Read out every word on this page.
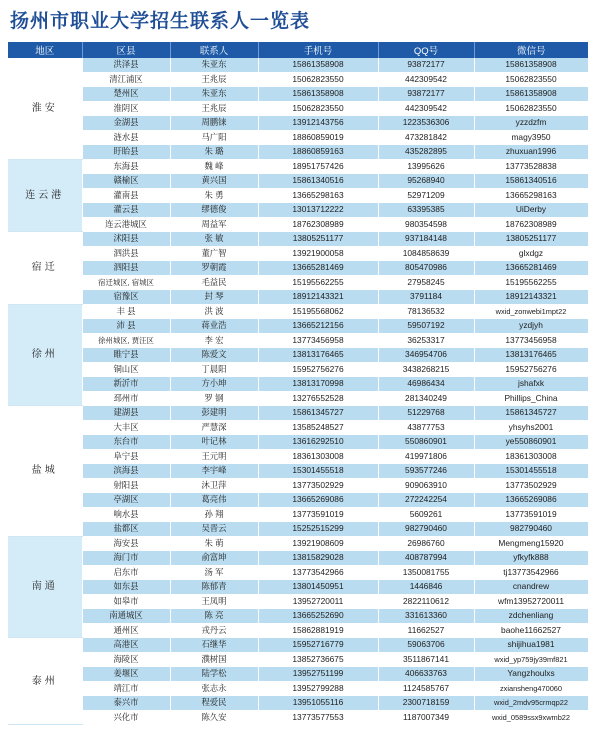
扬州市职业大学招生联系人一览表
地区	区县	联系人	手机号	QQ号	微信号
淮安	洪泽县	朱亚东	15861358908	93872177	15861358908
	清江浦区	王兆辰	15062823550	442309542	15062823550
	楚州区	朱亚东	15861358908	93872177	15861358908
	淮阴区	王兆辰	15062823550	442309542	15062823550
	金湖县	周鹏铼	13912143756	1223536306	yzzdzfm
	涟水县	马广阳	18860859019	473281842	magy3950
	盱眙县	朱 璐	18860859163	435282895	zhuxuan1996
连云港	东海县	魏 峰	18951757426	13995626	13773528838
	赣榆区	黄兴国	15861340516	95268940	15861340516
	灌南县	朱 勇	13665298163	52971209	13665298163
	灌云县	缪德俊	13013712222	63395385	UiDerby
	连云港城区	周益军	18762308989	980354598	18762308989
宿迁	沭阳县	张 敏	13805251177	937184148	13805251177
	泗洪县	董广智	13921900058	1084858639	glxdgz
	泗阳县	罗朝霞	13665281469	805470986	13665281469
	宿迁城区, 宿城区	毛益民	15195562255	27958245	15195562255
	宿豫区	封 琴	18912143321	3791184	18912143321
徐州	丰 县	洪 波	15195568062	78136532	wxid_zonwebi1mpt22
	沛 县	蒋业浩	13665212156	59507192	yzdjyh
	徐州城区, 贾汪区	李 宏	13773456958	36253317	13773456958
	睢宁县	陈爱文	13813176465	346954706	13813176465
	铜山区	丁晨阳	15952756276	3438268215	15952756276
	新沂市	方小坤	13813170998	46986434	jshafxk
	邳州市	罗 钢	13276552528	281340249	Phillips_China
盐城	建湖县	彭建明	15861345727	51229768	15861345727
	大丰区	严慧深	13585248527	43877753	yhsyhs2001
	东台市	叶记林	13616292510	550860901	ye550860901
	阜宁县	王元明	18361303008	419971806	18361303008
	滨海县	李宇峰	15301455518	593577246	15301455518
	射阳县	沐卫萍	13773502929	909063910	13773502929
	亭湖区	葛亮伟	13665269086	272242254	13665269086
	响水县	孙 翔	13773591019	5609261	13773591019
	盐都区	吴晋云	15252515299	982790460	982790460
南通	海安县	朱 萌	13921908609	26986760	Mengmeng15920
	海门市	俞富坤	13815829028	408787994	yfkyfk888
	启东市	汤 军	13773542966	1350081755	tj13773542966
	如东县	陈郁青	13801450951	1446846	cnandrew
	如皋市	王凤明	13952720011	2822110612	wfm13952720011
	南通城区	陈 亮	13665252690	331613360	zdchenliang
	通州区	戎丹云	15862881919	11662527	baohe11662527
泰州	高港区	石继华	15952716779	59063706	shijihua1981
	海陵区	濮树国	13852736675	3511867141	wxid_yp759jy39mf821
	姜堰区	陆学松	13952751199	406633763	Yangzhoulxs
	靖江市	张志永	13952799288	1124585767	zxiansheng470060
	泰兴市	程爱民	13951055116	2300718159	wxid_2mdv95crmqp22
	兴化市	陈久安	13773577553	1187007349	wxid_0589ssx9xwmb22
